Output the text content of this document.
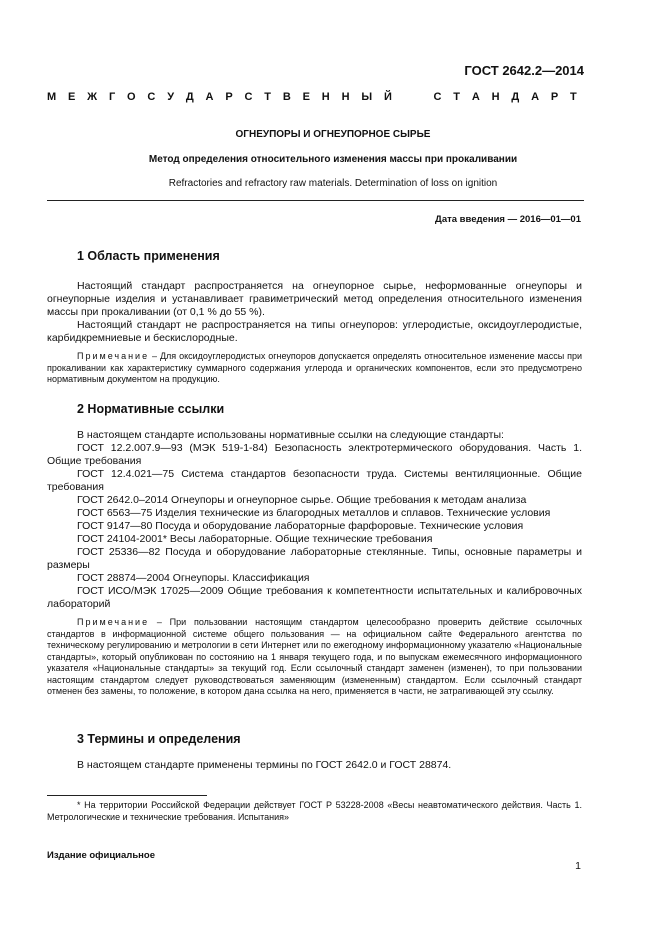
ГОСТ 2642.2—2014
М Е Ж Г О С У Д А Р С Т В Е Н Н Ы Й

	С Т А Н Д А Р Т
ОГНЕУПОРЫ И ОГНЕУПОРНОЕ СЫРЬЕ
Метод определения относительного изменения массы при прокаливании
Refractories and refractory raw materials. Determination of loss on ignition
Дата введения — 2016—01—01
1 Область применения

Настоящий стандарт распространяется на огнеупорное сырье, неформованные огнеупоры и огнеупорные изделия и устанавливает гравиметрический метод определения относительного изменения массы при прокаливании (от 0,1 % до 55 %).

Настоящий стандарт не распространяется на типы огнеупоров: углеродистые, оксидоуглеродистые, карбидкремниевые и бескислородные.

Примечание – Для оксидоуглеродистых огнеупоров допускается определять относительное изменение массы при прокаливании как характеристику суммарного содержания углерода и органических компонентов, если это предусмотрено нормативным документом на продукцию.

2 Нормативные ссылки

В настоящем стандарте использованы нормативные ссылки на следующие стандарты:

ГОСТ 12.2.007.9—93 (МЭК 519-1-84) Безопасность электротермического оборудования. Часть 1. Общие требования

ГОСТ 12.4.021—75 Система стандартов безопасности труда. Системы вентиляционные. Общие требования

ГОСТ 2642.0–2014 Огнеупоры и огнеупорное сырье. Общие требования к методам анализа

ГОСТ 6563—75 Изделия технические из благородных металлов и сплавов. Технические условия

ГОСТ 9147—80 Посуда и оборудование лабораторные фарфоровые. Технические условия

ГОСТ 24104-2001* Весы лабораторные. Общие технические требования

ГОСТ 25336—82 Посуда и оборудование лабораторные стеклянные. Типы, основные параметры и размеры

ГОСТ 28874—2004 Огнеупоры. Классификация

ГОСТ ИСО/МЭК 17025—2009 Общие требования к компетентности испытательных и калибровочных лабораторий

Примечание – При пользовании настоящим стандартом целесообразно проверить действие ссылочных стандартов в информационной системе общего пользования — на официальном сайте Федерального агентства по техническому регулированию и метрологии в сети Интернет или по ежегодному информационному указателю «Национальные стандарты», который опубликован по состоянию на 1 января текущего года, и по выпускам ежемесячного информационного указателя «Национальные стандарты» за текущий год. Если ссылочный стандарт заменен (изменен), то при пользовании настоящим стандартом следует руководствоваться заменяющим (измененным) стандартом. Если ссылочный стандарт отменен без замены, то положение, в котором дана ссылка на него, применяется в части, не затрагивающей эту ссылку.

3 Термины и определения

В настоящем стандарте применены термины по ГОСТ 2642.0 и ГОСТ 28874.

* На территории Российской Федерации действует ГОСТ Р 53228-2008 «Весы неавтоматического действия. Часть 1. Метрологические и технические требования. Испытания»
Издание официальное
1
